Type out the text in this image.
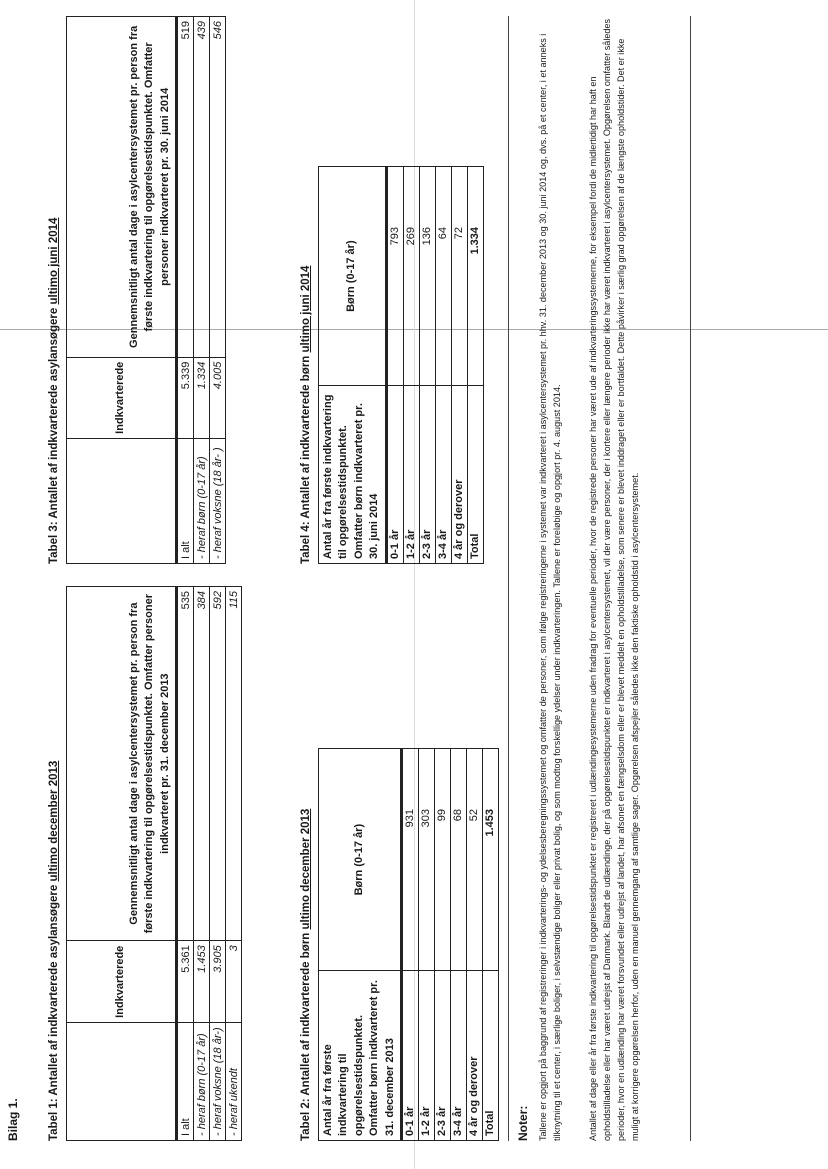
Bilag 1. Tabel 1: Antallet af indkvarterede asylansøgere ultimo december 2013
	Indkvarterede	Gennemsnitligt antal dage i asylcentersystemet pr. person fra første indkvartering til opgørelsestidspunktet. Omfatter personer indkvarteret pr. 31. december 2013
I alt	5.361	535
- heraf børn (0-17 år)	1.453	384
- heraf voksne (18 år-)	3.905	592
- heraf ukendt	3	115
Tabel 3: Antallet af indkvarterede asylansøgere ultimo juni 2014
	Indkvarterede	Gennemsnitligt antal dage i asylcentersystemet pr. person fra første indkvartering til opgørelsestidspunktet. Omfatter personer indkvarteret pr. 30. juni 2014
I alt	5.339	519
- heraf børn (0-17 år)	1.334	439
- heraf voksne (18 år- )	4.005	546
Tabel 2: Antallet af indkvarterede børn ultimo december 2013
Antal år fra første indkvartering til opgørelsestidspunktet. Omfatter børn indkvarteret pr. 31. december 2013	Børn (0-17 år)
0-1 år	931
1-2 år	303
2-3 år	99
3-4 år	68
4 år og derover	52
Total	1.453
Tabel 4: Antallet af indkvarterede børn ultimo juni 2014
Antal år fra første indkvartering til opgørelsestidspunktet. Omfatter børn indkvarteret pr. 30. juni 2014	Børn (0-17 år)
0-1 år	793
1-2 år	269
2-3 år	136
3-4 år	64
4 år og derover	72
Total	1.334
Noter: Tallene er opgjort på baggrund af registreringer i indkvarterings- og ydelsesberegningssystemet og omfatter de personer, som ifølge registreringerne i systemet var indkvarteret i asylcentersystemet pr. hhv. 31. december 2013 og 30. juni 2014 og, dvs. på et center, i et anneks i tilknytning til et center, i særlige boliger, i selvstændige boliger eller privat bolig, og som modtog forskellige ydelser under indkvarteringen. Tallene er foreløbige og opgjort pr. 4. august 2014.	Antallet af dage eller år fra første indkvartering til opgørelsestidspunktet er registreret i udlændingesystemerne uden fradrag for eventuelle perioder, hvor de registrede personer har været ude af indkvarteringssystemerne, for eksempel fordi de midlertidigt har haft en opholdstilladelse eller har været udrejst af Danmark. Blandt de udlændinge, der på opgørelsestidspunktet er indkvarteret i asylcentersystemet, vil der være personer, der i kortere eller længere perioder ikke har været indkvarteret i asylcentersystemet. Opgørelsen omfatter således perioder, hvor en udlænding har været forsvundet eller udrejst af landet, har afsonet en fængselsdom eller er blevet meddelt en opholdstilladelse, som senere er blevet inddraget eller er bortfaldet. Dette påvirker i særlig grad opgørelsen af de længste opholdstider. Det er ikke muligt at korrigere opgørelsen herfor, uden en manuel gennemgang af samtlige sager. Opgørelsen afspejler således ikke den faktiske opholdstid i asylcentersystemet.
